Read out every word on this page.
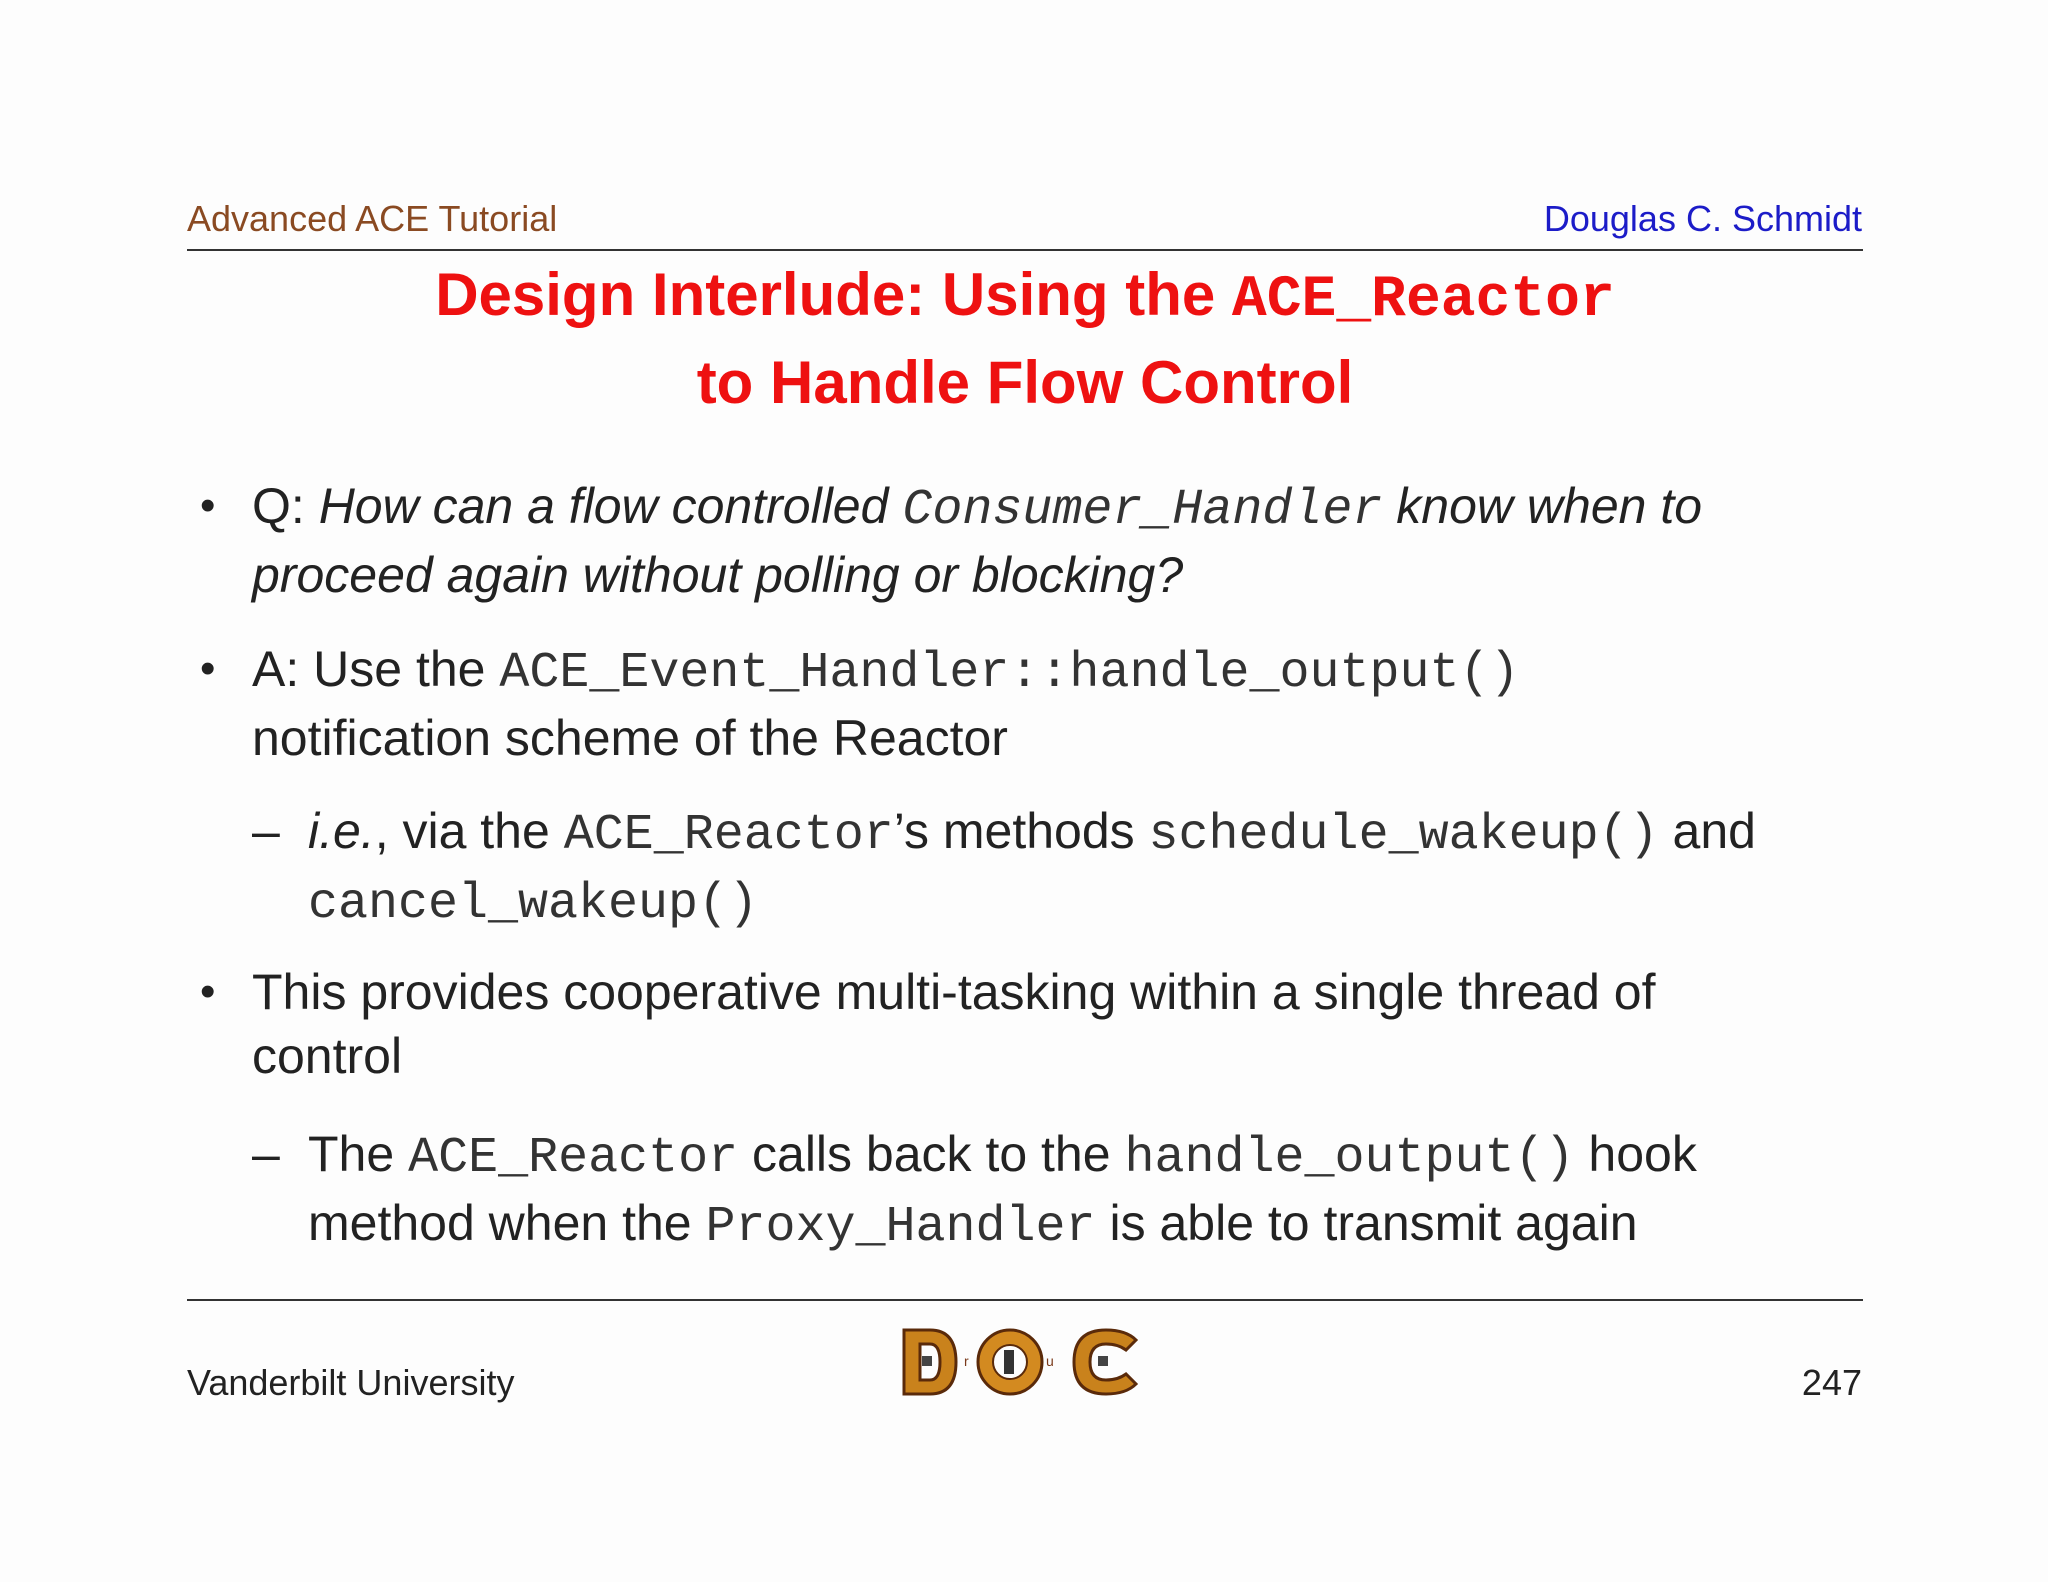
Advanced ACE Tutorial	Douglas C. Schmidt
Design Interlude: Using the ACE_Reactor
to Handle Flow Control
• Q: How can a flow controlled Consumer_Handler know when to proceed again without polling or blocking?
• A: Use the ACE_Event_Handler::handle_output() notification scheme of the Reactor
– i.e., via the ACE_Reactor’s methods schedule_wakeup() and cancel_wakeup()
• This provides cooperative multi-tasking within a single thread of control
– The ACE_Reactor calls back to the handle_output() hook method when the Proxy_Handler is able to transmit again
Vanderbilt University
r	u
247
